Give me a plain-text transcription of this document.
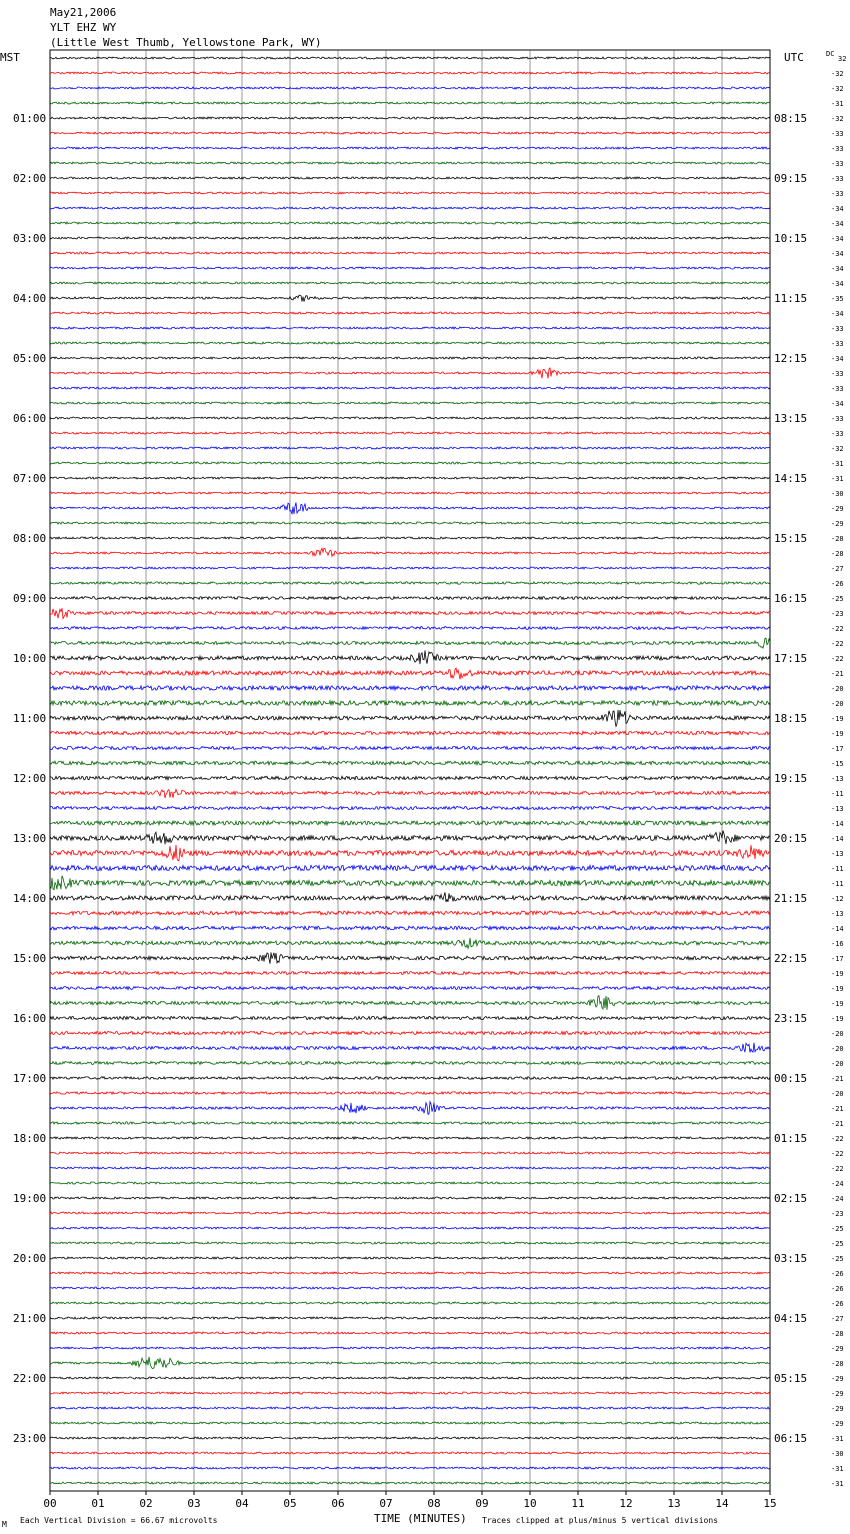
May21,2006
YLT EHZ WY
(Little West Thumb, Yellowstone Park, WY)
MST	UTC	DC
01:00
02:00
03:00
04:00
05:00
06:00
07:00
08:00
09:00
10:00
11:00
12:00
13:00
14:00
15:00
16:00
17:00
18:00
19:00
20:00
21:00
22:00
23:00
08:15
09:15
10:15
11:15
12:15
13:15
14:15
15:15
16:15
17:15
18:15
19:15
20:15
21:15
22:15
23:15
00:15
01:15
02:15
03:15
04:15
05:15
06:15
32
-32
-32
-31
-32
-33
-33
-33
-33
-33
-34
-34
-34
-34
-34
-34
-35
-34
-33
-33
-34
-33
-33
-34
-33
-33
-32
-31
-31
-30
-29
-29
-28
-28
-27
-26
-25
-23
-22
-22
-22
-21
-20
-20
-19
-19
-17
-15
-13
-11
-13
-14
-14
-13
-11
-11
-12
-13
-14
-16
-17
-19
-19
-19
-19
-20
-20
-20
-21
-20
-21
-21
-22
-22
-22
-24
-24
-23
-25
-25
-25
-26
-26
-26
-27
-28
-29
-28
-29
-29
-29
-29
-31
-30
-31
-31
00	01	02	03	04	05	06	07	08	09	10	11	12	13	14	15
TIME (MINUTES)
Each Vertical Division = 66.67 microvolts	Traces clipped at plus/minus 5 vertical divisions
M
